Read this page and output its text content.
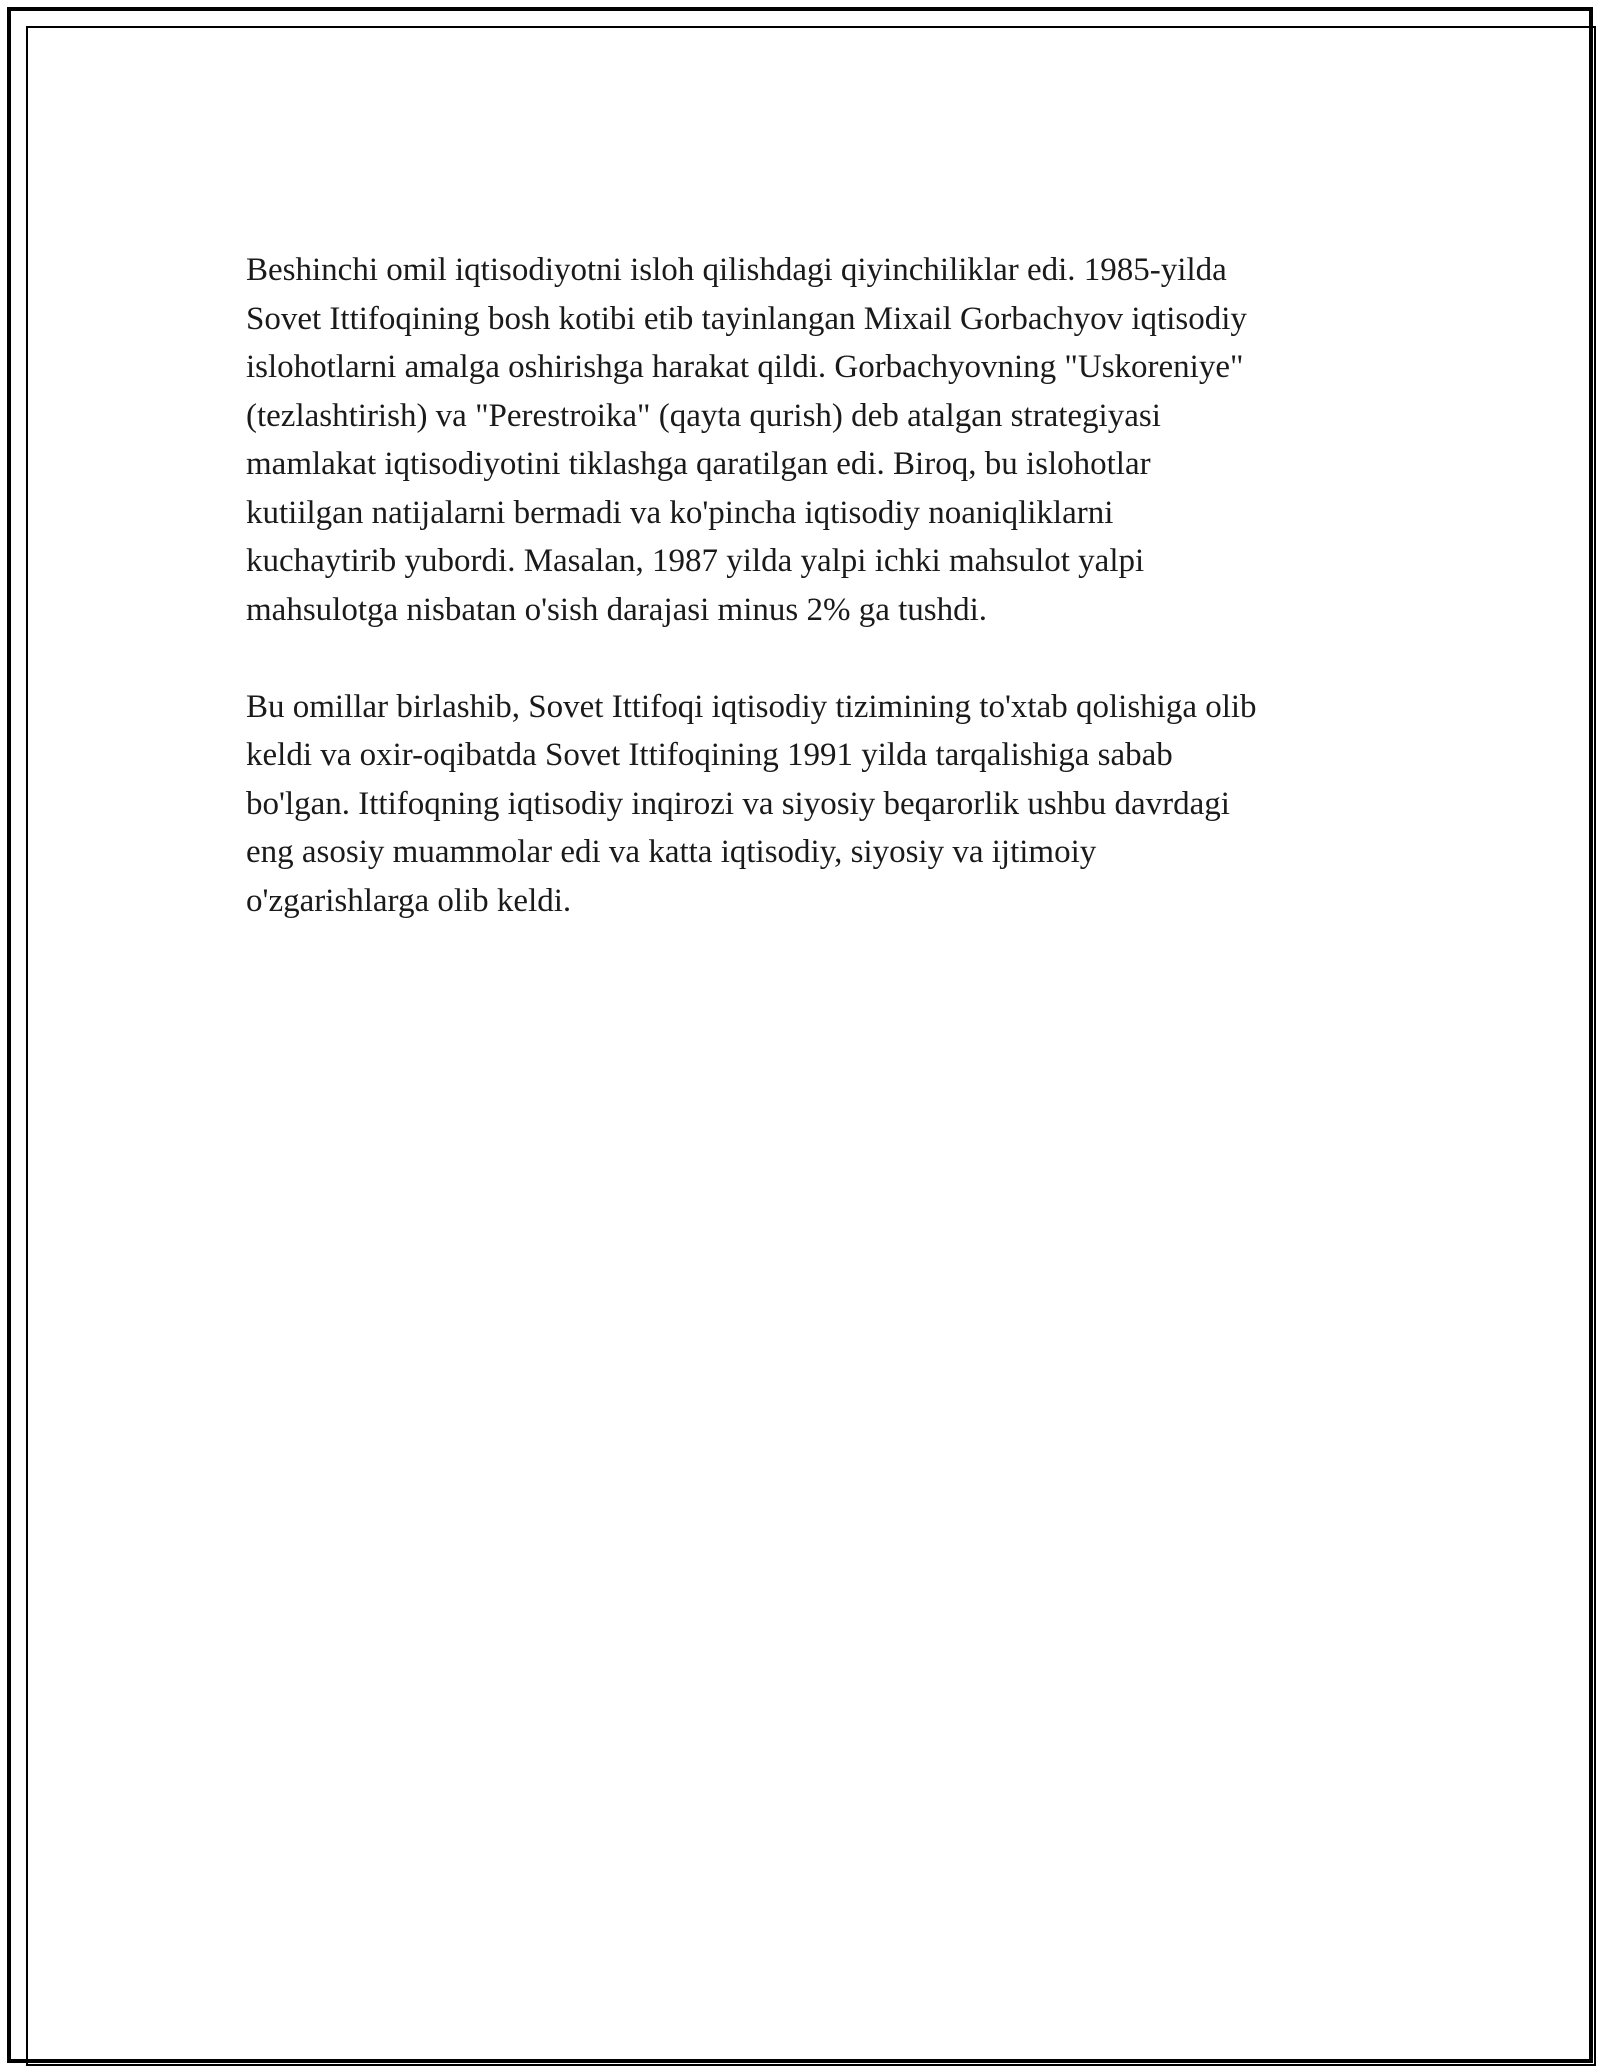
Beshinchi omil iqtisodiyotni isloh qilishdagi qiyinchiliklar edi. 1985-yilda
Sovet Ittifoqining bosh kotibi etib tayinlangan Mixail Gorbachyov iqtisodiy
islohotlarni amalga oshirishga harakat qildi. Gorbachyovning "Uskoreniye"
(tezlashtirish) va "Perestroika" (qayta qurish) deb atalgan strategiyasi
mamlakat iqtisodiyotini tiklashga qaratilgan edi. Biroq, bu islohotlar
kutiilgan natijalarni bermadi va ko'pincha iqtisodiy noaniqliklarni
kuchaytirib yubordi. Masalan, 1987 yilda yalpi ichki mahsulot yalpi
mahsulotga nisbatan o'sish darajasi minus 2% ga tushdi.

Bu omillar birlashib, Sovet Ittifoqi iqtisodiy tizimining to'xtab qolishiga olib
keldi va oxir-oqibatda Sovet Ittifoqining 1991 yilda tarqalishiga sabab
bo'lgan. Ittifoqning iqtisodiy inqirozi va siyosiy beqarorlik ushbu davrdagi
eng asosiy muammolar edi va katta iqtisodiy, siyosiy va ijtimoiy
o'zgarishlarga olib keldi.
